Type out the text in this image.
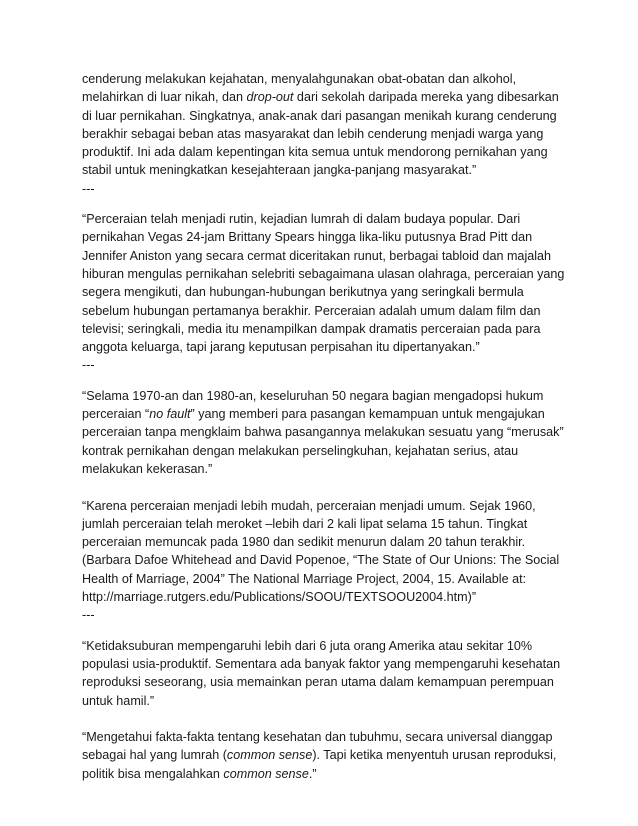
cenderung melakukan kejahatan, menyalahgunakan obat-obatan dan alkohol,

melahirkan di luar nikah, dan drop-out dari sekolah daripada mereka yang dibesarkan

di luar pernikahan. Singkatnya, anak-anak dari pasangan menikah kurang cenderung

berakhir sebagai beban atas masyarakat dan lebih cenderung menjadi warga yang

produktif. Ini ada dalam kepentingan kita semua untuk mendorong pernikahan yang

stabil untuk meningkatkan kesejahteraan jangka-panjang masyarakat.”

---

“Perceraian telah menjadi rutin, kejadian lumrah di dalam budaya popular. Dari

pernikahan Vegas 24-jam Brittany Spears hingga lika-liku putusnya Brad Pitt dan

Jennifer Aniston yang secara cermat diceritakan runut, berbagai tabloid dan majalah

hiburan mengulas pernikahan selebriti sebagaimana ulasan olahraga, perceraian yang

segera mengikuti, dan hubungan-hubungan berikutnya yang seringkali bermula

sebelum hubungan pertamanya berakhir. Perceraian adalah umum dalam film dan

televisi; seringkali, media itu menampilkan dampak dramatis perceraian pada para

anggota keluarga, tapi jarang keputusan perpisahan itu dipertanyakan.”

---

“Selama 1970-an dan 1980-an, keseluruhan 50 negara bagian mengadopsi hukum

perceraian “no fault” yang memberi para pasangan kemampuan untuk mengajukan

perceraian tanpa mengklaim bahwa pasangannya melakukan sesuatu yang “merusak”

kontrak pernikahan dengan melakukan perselingkuhan, kejahatan serius, atau

melakukan kekerasan.”

“Karena perceraian menjadi lebih mudah, perceraian menjadi umum. Sejak 1960,

jumlah perceraian telah meroket –lebih dari 2 kali lipat selama 15 tahun. Tingkat

perceraian memuncak pada 1980 dan sedikit menurun dalam 20 tahun terakhir.

(Barbara Dafoe Whitehead and David Popenoe, “The State of Our Unions: The Social

Health of Marriage, 2004” The National Marriage Project, 2004, 15. Available at:

http://marriage.rutgers.edu/Publications/SOOU/TEXTSOOU2004.htm)”

---

“Ketidaksuburan mempengaruhi lebih dari 6 juta orang Amerika atau sekitar 10%

populasi usia-produktif. Sementara ada banyak faktor yang mempengaruhi kesehatan

reproduksi seseorang, usia memainkan peran utama dalam kemampuan perempuan

untuk hamil.”

“Mengetahui fakta-fakta tentang kesehatan dan tubuhmu, secara universal dianggap

sebagai hal yang lumrah (common sense). Tapi ketika menyentuh urusan reproduksi,

politik bisa mengalahkan common sense.”
